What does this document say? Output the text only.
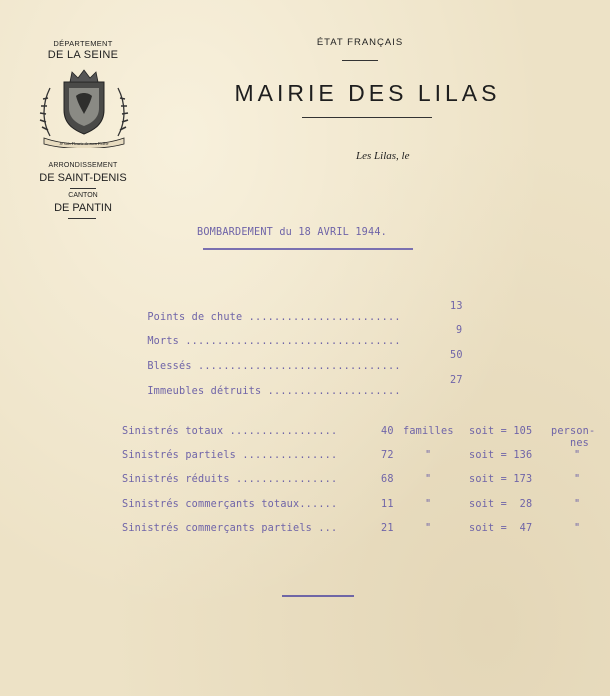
DÉPARTEMENT
DE LA SEINE
Je suis Fleurie de mon Fidèle
ARRONDISSEMENT
DE SAINT-DENIS
CANTON
DE PANTIN
ÉTAT FRANÇAIS
MAIRIE DES LILAS
Les Lilas, le
BOMBARDEMENT du 18 AVRIL 1944.

Points de chute ........................

13

Morts ..................................

9

Blessés ................................

50

Immeubles détruits .....................

27
Sinistrés totaux .................	40 familles soit = 105 person-
nes
Sinistrés partiels ...............	72	"	soit = 136	"
Sinistrés réduits ................	68	"	soit = 173	"
Sinistrés commerçants totaux......	11	"	soit =  28	"
Sinistrés commerçants partiels ...	21	"	soit =  47	"
